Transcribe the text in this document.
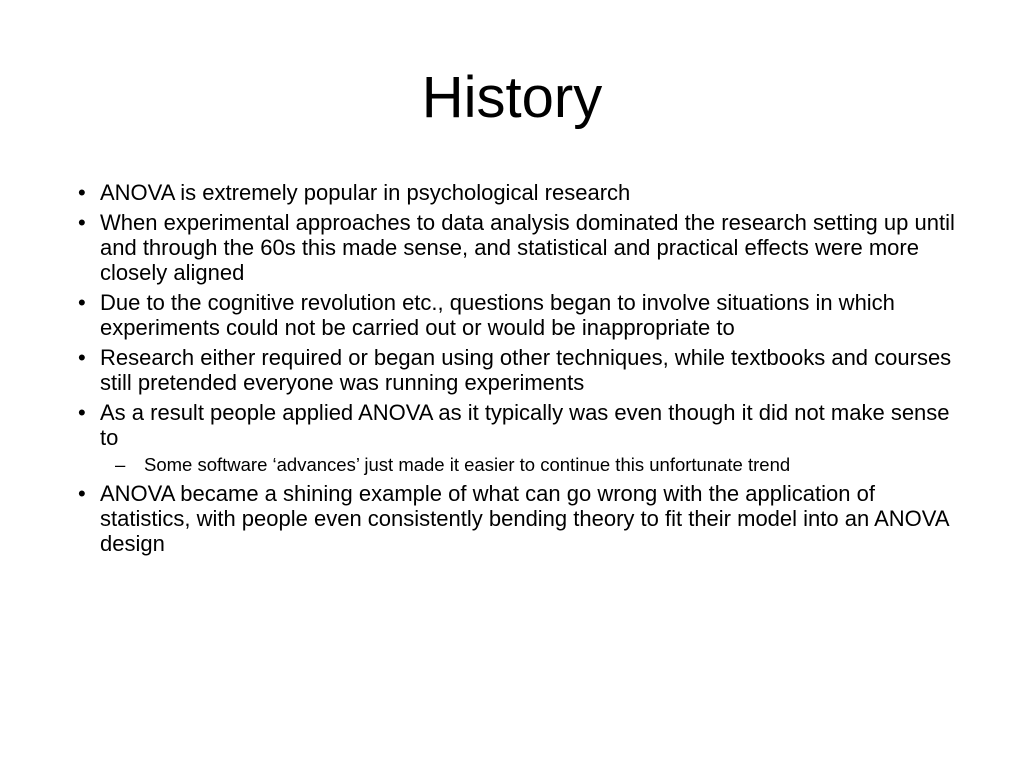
History
• ANOVA is extremely popular in psychological research
• When experimental approaches to data analysis dominated the research setting up until and through the 60s this made sense, and statistical and practical effects were more closely aligned
• Due to the cognitive revolution etc., questions began to involve situations in which experiments could not be carried out or would be inappropriate to
• Research either required or began using other techniques, while textbooks and courses still pretended everyone was running experiments
• As a result people applied ANOVA as it typically was even though it did not make sense to
– Some software ‘advances’ just made it easier to continue this unfortunate trend
• ANOVA became a shining example of what can go wrong with the application of statistics, with people even consistently bending theory to fit their model into an ANOVA design
